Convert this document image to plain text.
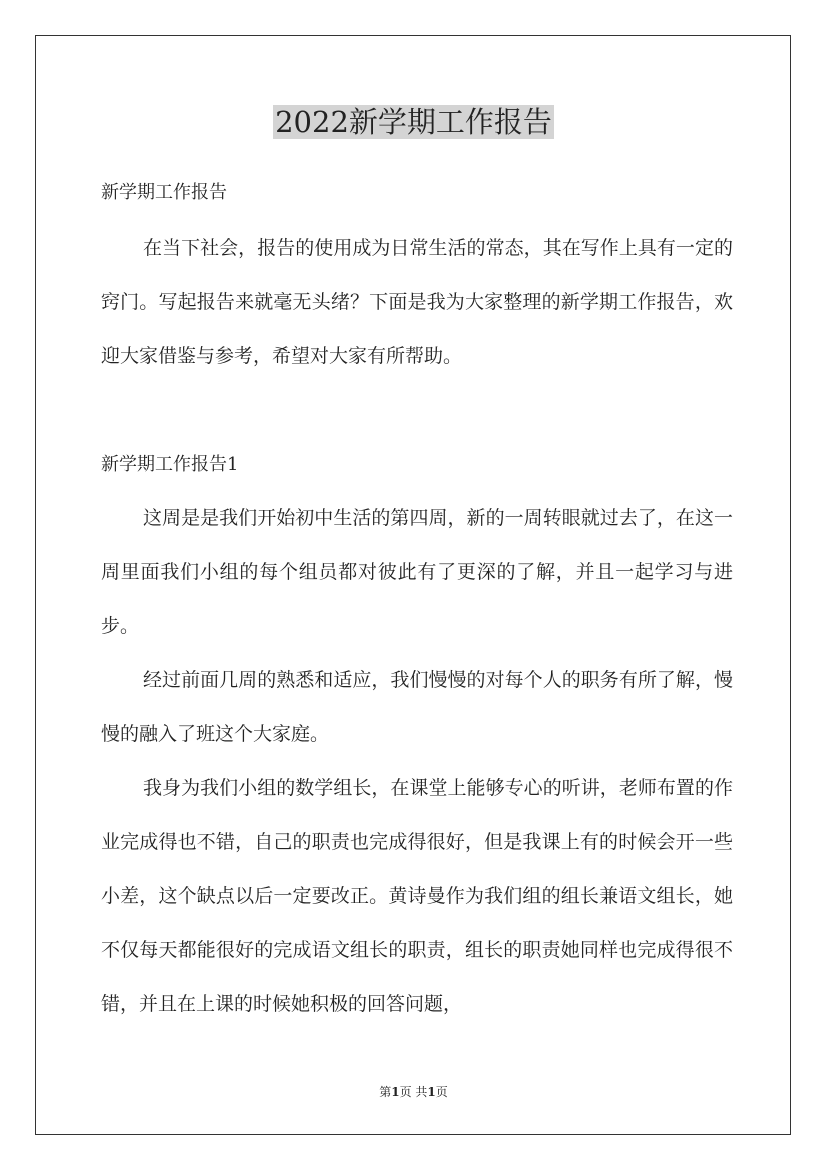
2022新学期工作报告

新学期工作报告

在当下社会，报告的使用成为日常生活的常态，其在写作上具有一定的窍门。写起报告来就毫无头绪？下面是我为大家整理的新学期工作报告，欢迎大家借鉴与参考，希望对大家有所帮助。

新学期工作报告1

这周是是我们开始初中生活的第四周，新的一周转眼就过去了，在这一周里面我们小组的每个组员都对彼此有了更深的了解，并且一起学习与进步。

经过前面几周的熟悉和适应，我们慢慢的对每个人的职务有所了解，慢慢的融入了班这个大家庭。

我身为我们小组的数学组长，在课堂上能够专心的听讲，老师布置的作业完成得也不错，自己的职责也完成得很好，但是我课上有的时候会开一些小差，这个缺点以后一定要改正。黄诗曼作为我们组的组长兼语文组长，她不仅每天都能很好的完成语文组长的职责，组长的职责她同样也完成得很不错，并且在上课的时候她积极的回答问题，

第1页 共1页
